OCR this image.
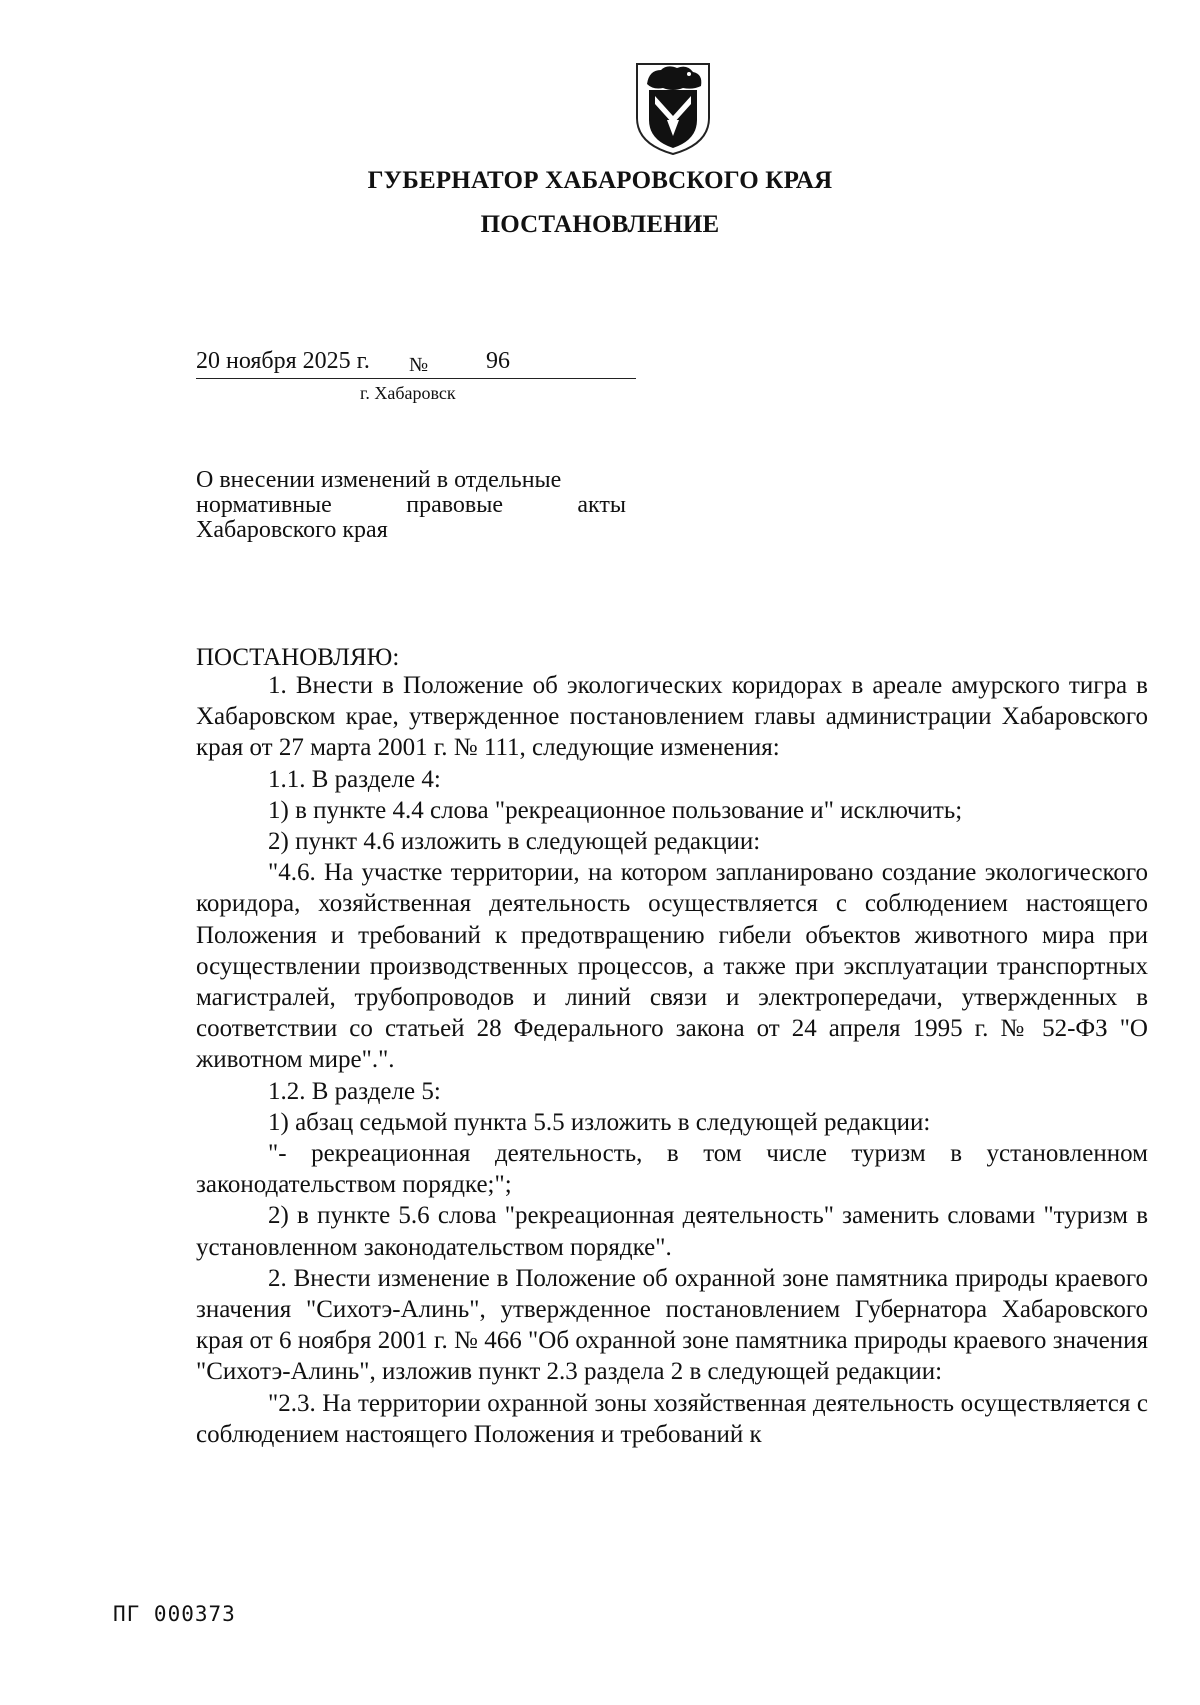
ГУБЕРНАТОР ХАБАРОВСКОГО КРАЯ
ПОСТАНОВЛЕНИЕ
20 ноября 2025 г. № 96
г. Хабаровск
О внесении изменений в отдельные
нормативные правовые акты
Хабаровского края
ПОСТАНОВЛЯЮ:

1. Внести в Положение об экологических коридорах в ареале амурского тигра в Хабаровском крае, утвержденное постановлением главы администрации Хабаровского края от 27 марта 2001 г. № 111, следующие изменения:

1.1. В разделе 4:

1) в пункте 4.4 слова "рекреационное пользование и" исключить;

2) пункт 4.6 изложить в следующей редакции:

"4.6. На участке территории, на котором запланировано создание экологического коридора, хозяйственная деятельность осуществляется с соблюдением настоящего Положения и требований к предотвращению гибели объектов животного мира при осуществлении производственных процессов, а также при эксплуатации транспортных магистралей, трубопроводов и линий связи и электропередачи, утвержденных в соответствии со статьей 28 Федерального закона от 24 апреля 1995 г. № 52-ФЗ "О животном мире".".

1.2. В разделе 5:

1) абзац седьмой пункта 5.5 изложить в следующей редакции:

"- рекреационная деятельность, в том числе туризм в установленном законодательством порядке;";

2) в пункте 5.6 слова "рекреационная деятельность" заменить словами "туризм в установленном законодательством порядке".

2. Внести изменение в Положение об охранной зоне памятника природы краевого значения "Сихотэ-Алинь", утвержденное постановлением Губернатора Хабаровского края от 6 ноября 2001 г. № 466 "Об охранной зоне памятника природы краевого значения "Сихотэ-Алинь", изложив пункт 2.3 раздела 2 в следующей редакции:

"2.3. На территории охранной зоны хозяйственная деятельность осуществляется с соблюдением настоящего Положения и требований к

ПГ 000373
